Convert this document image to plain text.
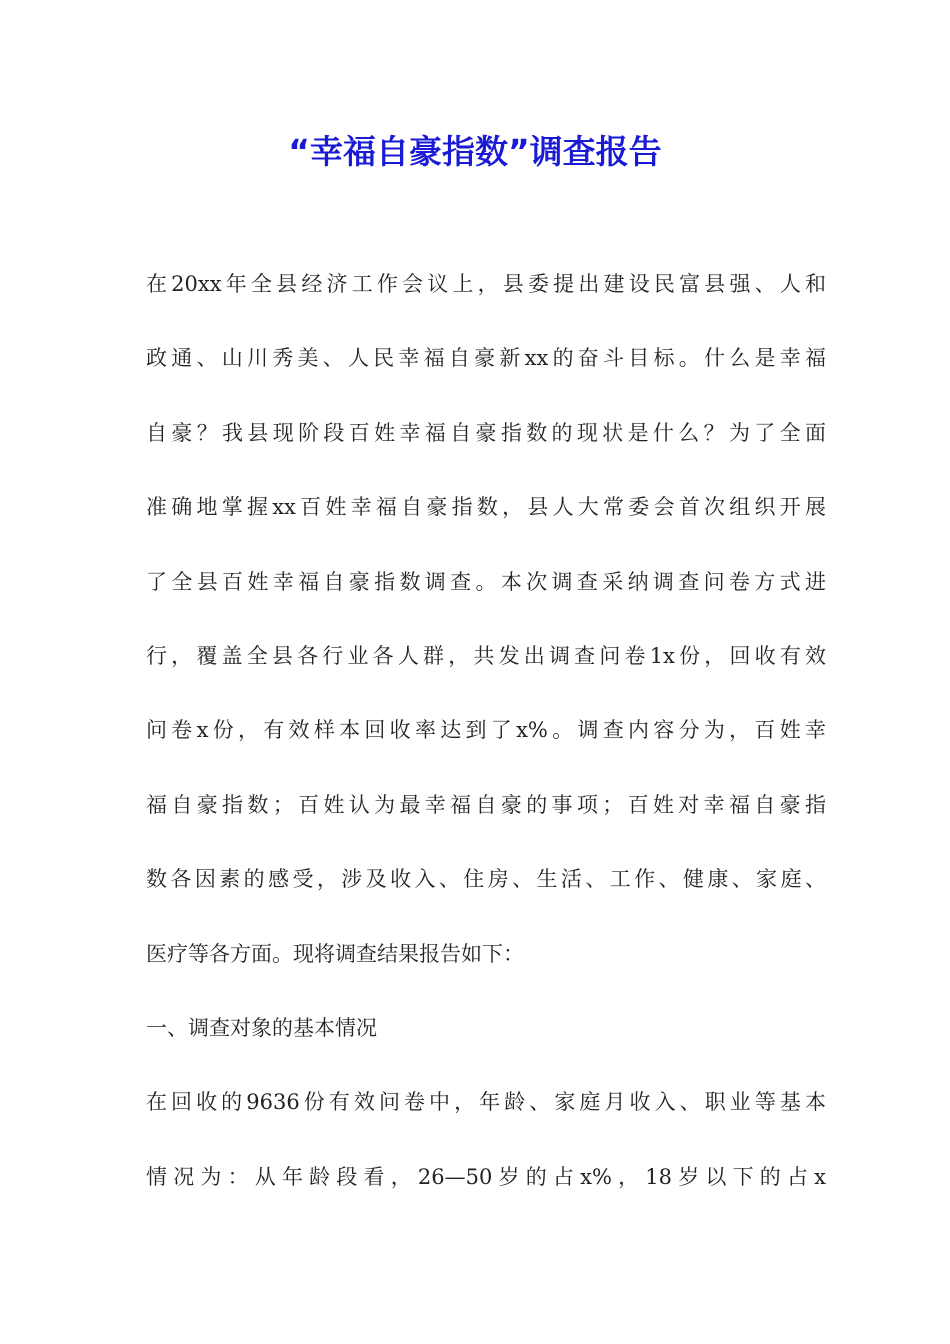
“幸福自豪指数”调查报告
在20xx年全县经济工作会议上，县委提出建设民富县强、人和
政通、山川秀美、人民幸福自豪新xx的奋斗目标。什么是幸福
自豪？我县现阶段百姓幸福自豪指数的现状是什么？为了全面
准确地掌握xx百姓幸福自豪指数，县人大常委会首次组织开展
了全县百姓幸福自豪指数调查。本次调查采纳调查问卷方式进
行，覆盖全县各行业各人群，共发出调查问卷1x份，回收有效
问卷x份，有效样本回收率达到了x%。调查内容分为，百姓幸
福自豪指数；百姓认为最幸福自豪的事项；百姓对幸福自豪指
数各因素的感受，涉及收入、住房、生活、工作、健康、家庭、
医疗等各方面。现将调查结果报告如下：
一、调查对象的基本情况
在回收的9636份有效问卷中，年龄、家庭月收入、职业等基本
情况为：从年龄段看，26—50岁的占x%，18岁以下的占x
